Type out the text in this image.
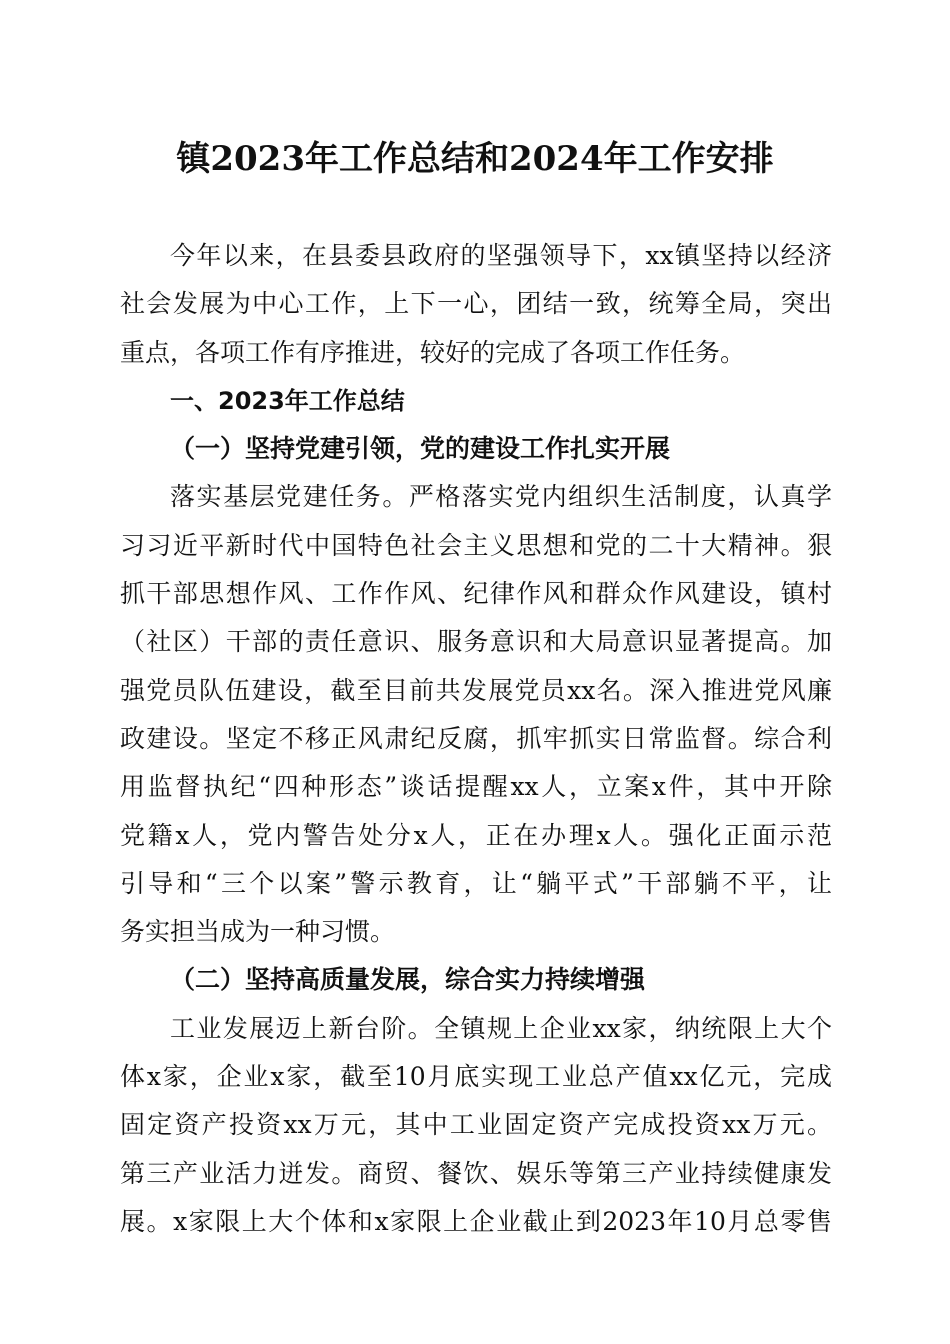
镇2023年工作总结和2024年工作安排
今年以来，在县委县政府的坚强领导下，xx镇坚持以经济
社会发展为中心工作，上下一心，团结一致，统筹全局，突出
重点，各项工作有序推进，较好的完成了各项工作任务。
一、2023年工作总结
（一）坚持党建引领，党的建设工作扎实开展
落实基层党建任务。严格落实党内组织生活制度，认真学
习习近平新时代中国特色社会主义思想和党的二十大精神。狠
抓干部思想作风、工作作风、纪律作风和群众作风建设，镇村
（社区）干部的责任意识、服务意识和大局意识显著提高。加
强党员队伍建设，截至目前共发展党员xx名。深入推进党风廉
政建设。坚定不移正风肃纪反腐，抓牢抓实日常监督。综合利
用监督执纪“四种形态”谈话提醒xx人，立案x件，其中开除
党籍x人，党内警告处分x人，正在办理x人。强化正面示范
引导和“三个以案”警示教育，让“躺平式”干部躺不平，让
务实担当成为一种习惯。
（二）坚持高质量发展，综合实力持续增强
工业发展迈上新台阶。全镇规上企业xx家，纳统限上大个
体x家，企业x家，截至10月底实现工业总产值xx亿元，完成
固定资产投资xx万元，其中工业固定资产完成投资xx万元。
第三产业活力迸发。商贸、餐饮、娱乐等第三产业持续健康发
展。x家限上大个体和x家限上企业截止到2023年10月总零售
